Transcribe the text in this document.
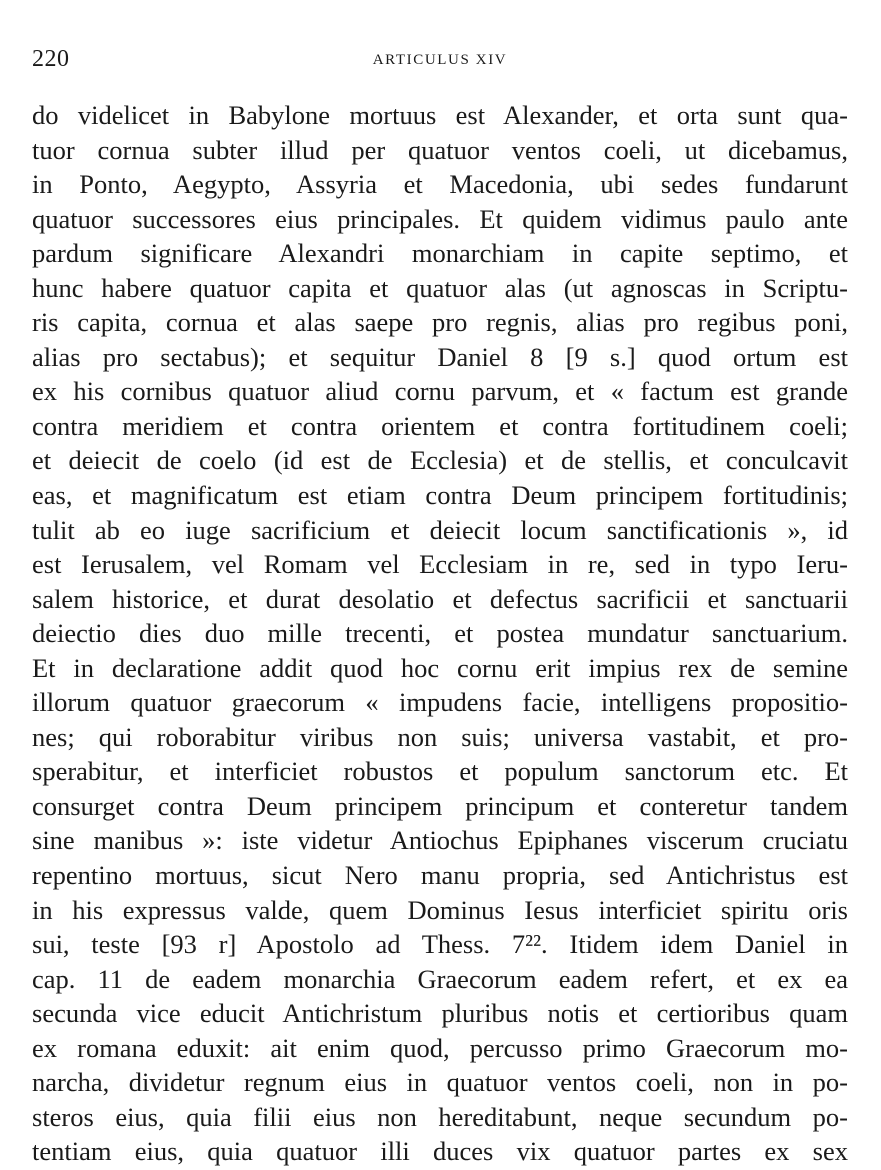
220	ARTICULUS XIV
do videlicet in Babylone mortuus est Alexander, et orta sunt qua-
tuor cornua subter illud per quatuor ventos coeli, ut dicebamus,
in Ponto, Aegypto, Assyria et Macedonia, ubi sedes fundarunt
quatuor successores eius principales. Et quidem vidimus paulo ante
pardum significare Alexandri monarchiam in capite septimo, et
hunc habere quatuor capita et quatuor alas (ut agnoscas in Scriptu-
ris capita, cornua et alas saepe pro regnis, alias pro regibus poni,
alias pro sectabus); et sequitur Daniel 8 [9 s.] quod ortum est
ex his cornibus quatuor aliud cornu parvum, et « factum est grande
contra meridiem et contra orientem et contra fortitudinem coeli;
et deiecit de coelo (id est de Ecclesia) et de stellis, et conculcavit
eas, et magnificatum est etiam contra Deum principem fortitudinis;
tulit ab eo iuge sacrificium et deiecit locum sanctificationis », id
est Ierusalem, vel Romam vel Ecclesiam in re, sed in typo Ieru-
salem historice, et durat desolatio et defectus sacrificii et sanctuarii
deiectio dies duo mille trecenti, et postea mundatur sanctuarium.
Et in declaratione addit quod hoc cornu erit impius rex de semine
illorum quatuor graecorum « impudens facie, intelligens propositio-
nes; qui roborabitur viribus non suis; universa vastabit, et pro-
sperabitur, et interficiet robustos et populum sanctorum etc. Et
consurget contra Deum principem principum et conteretur tandem
sine manibus »: iste videtur Antiochus Epiphanes viscerum cruciatu
repentino mortuus, sicut Nero manu propria, sed Antichristus est
in his expressus valde, quem Dominus Iesus interficiet spiritu oris
sui, teste [93 r] Apostolo ad Thess. 7²². Itidem idem Daniel in
cap. 11 de eadem monarchia Graecorum eadem refert, et ex ea
secunda vice educit Antichristum pluribus notis et certioribus quam
ex romana eduxit: ait enim quod, percusso primo Graecorum mo-
narcha, dividetur regnum eius in quatuor ventos coeli, non in po-
steros eius, quia filii eius non hereditabunt, neque secundum po-
tentiam eius, quia quatuor illi duces vix quatuor partes ex sex
